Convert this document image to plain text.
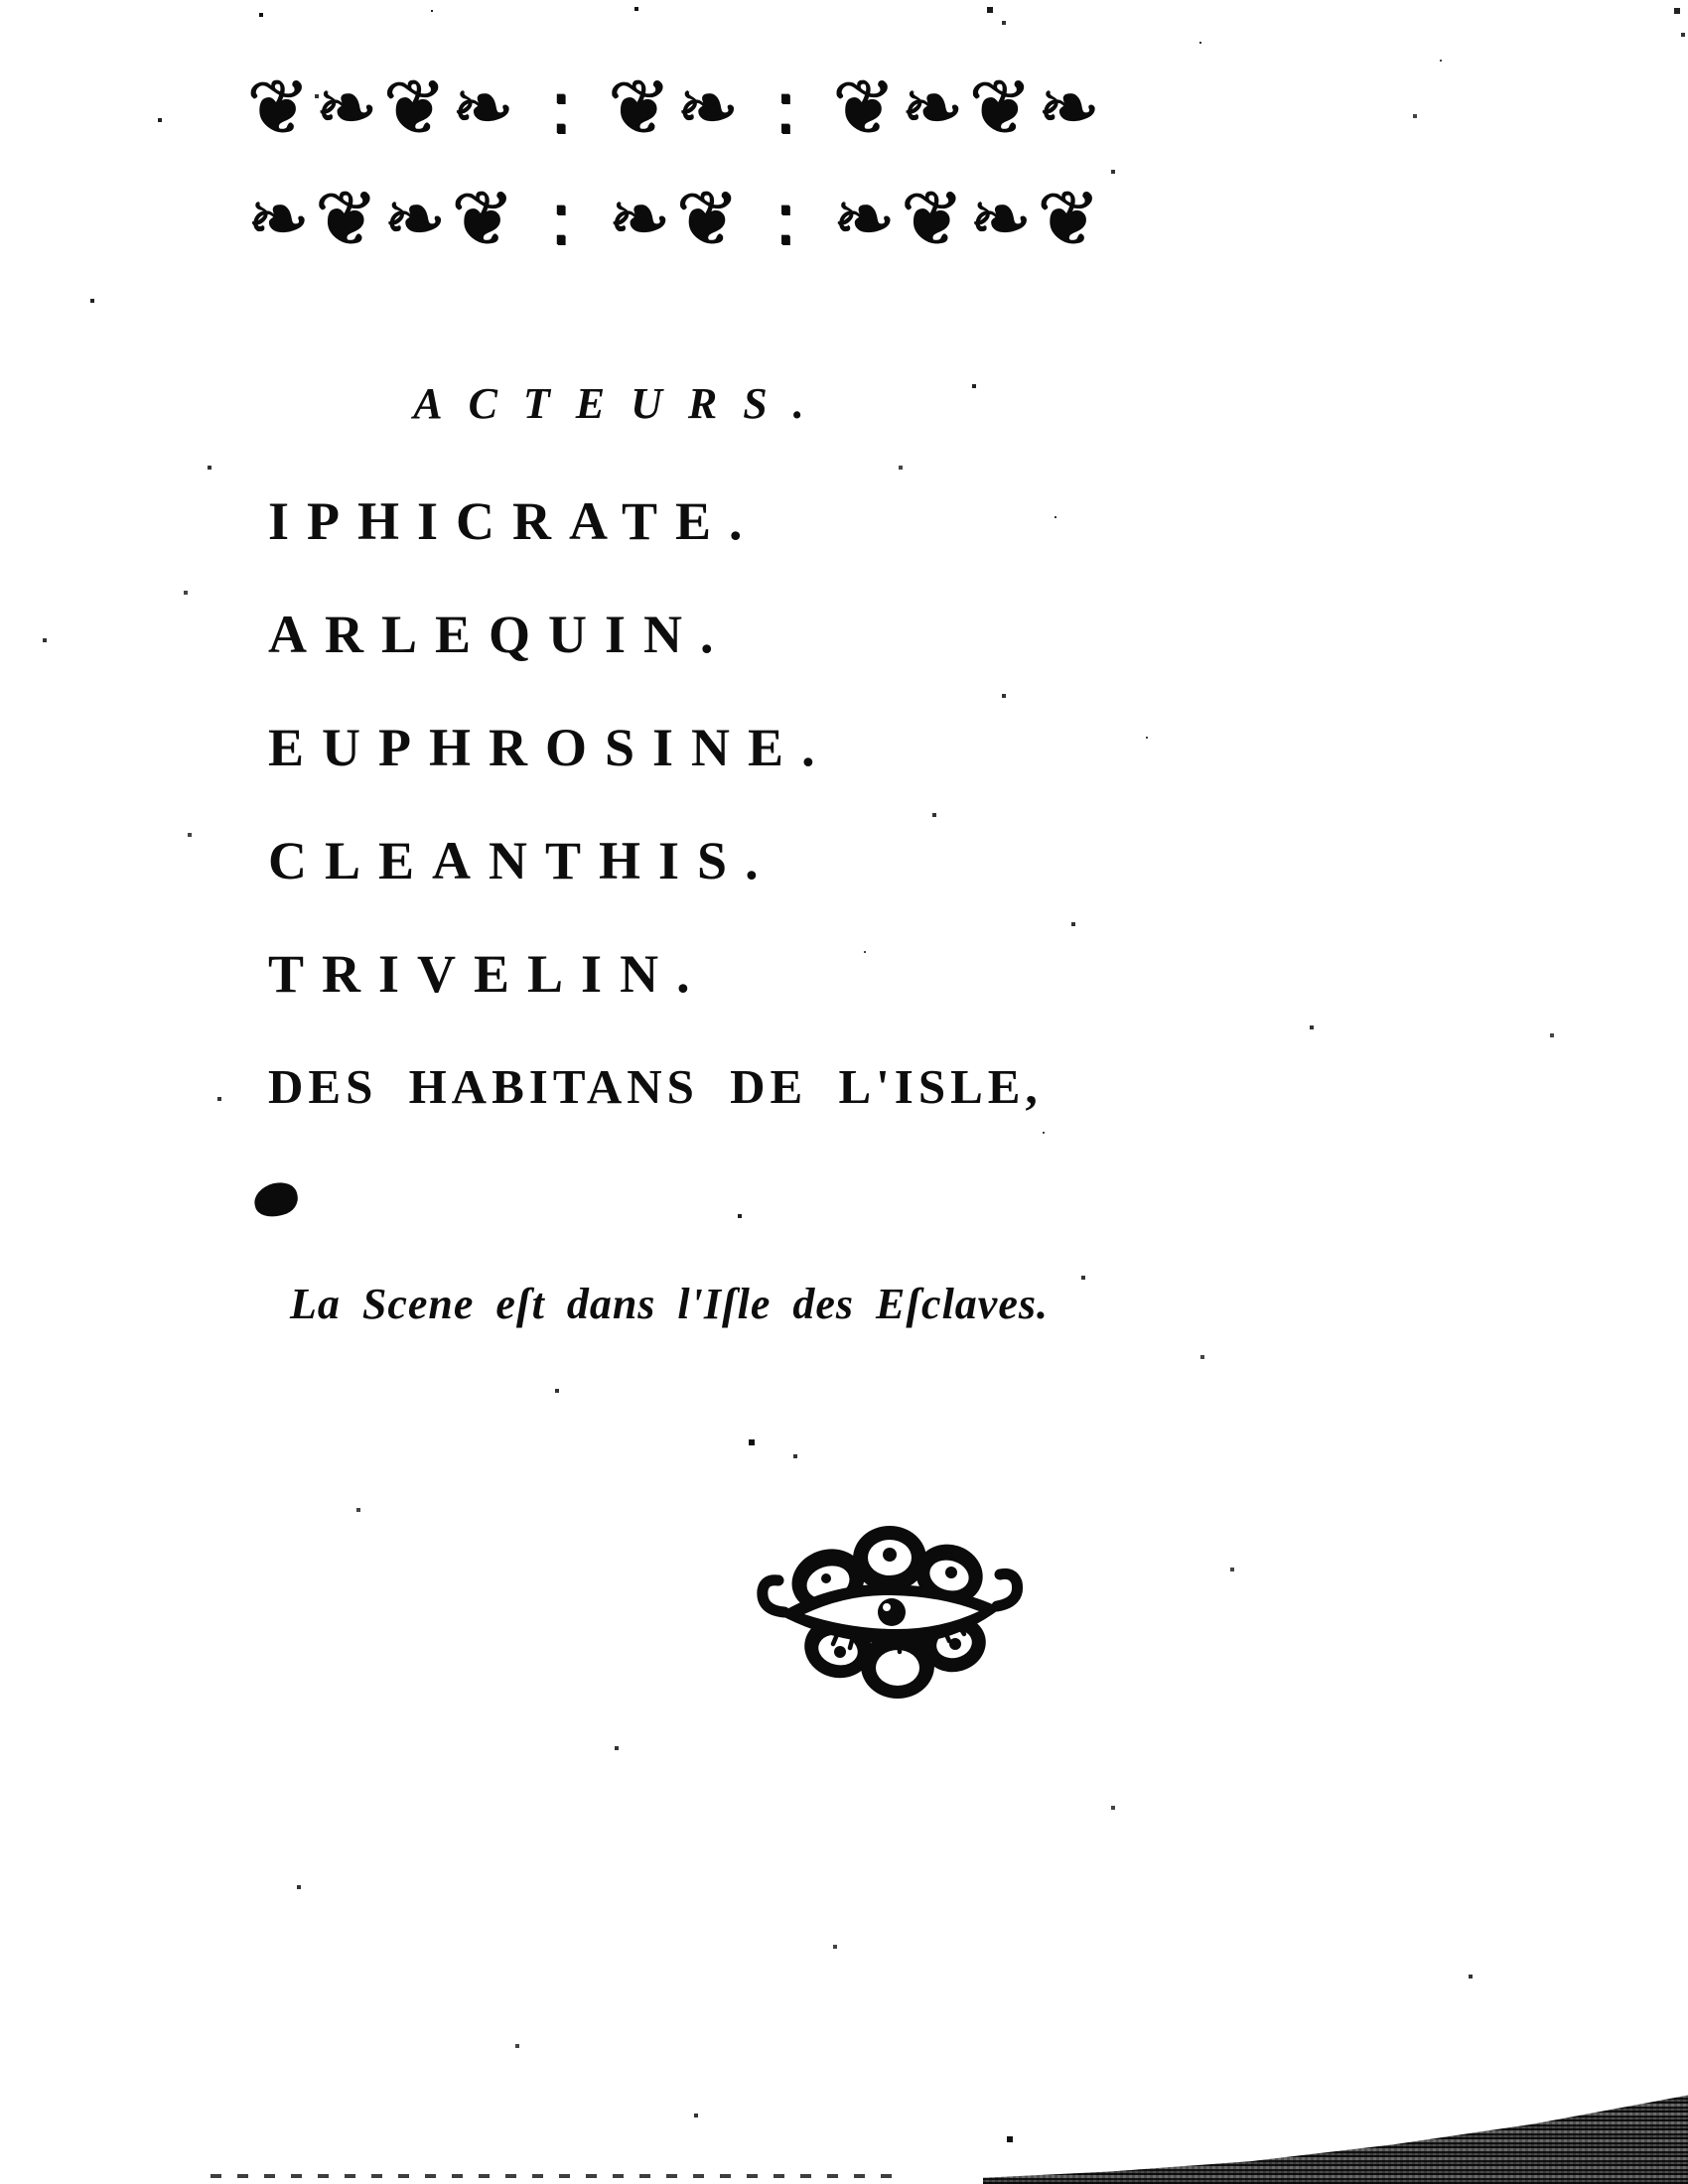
❦❧❦❧ : ❦❧ : ❦❧❦❧
❧❦❧❦ : ❧❦ : ❧❦❧❦
ACTEURS.
IPHICRATE.
ARLEQUIN.
EUPHROSINE.
CLEANTHIS.
TRIVELIN.
DES HABITANS DE L'ISLE,

La Scene eſt dans l'Iſle des Eſclaves.
